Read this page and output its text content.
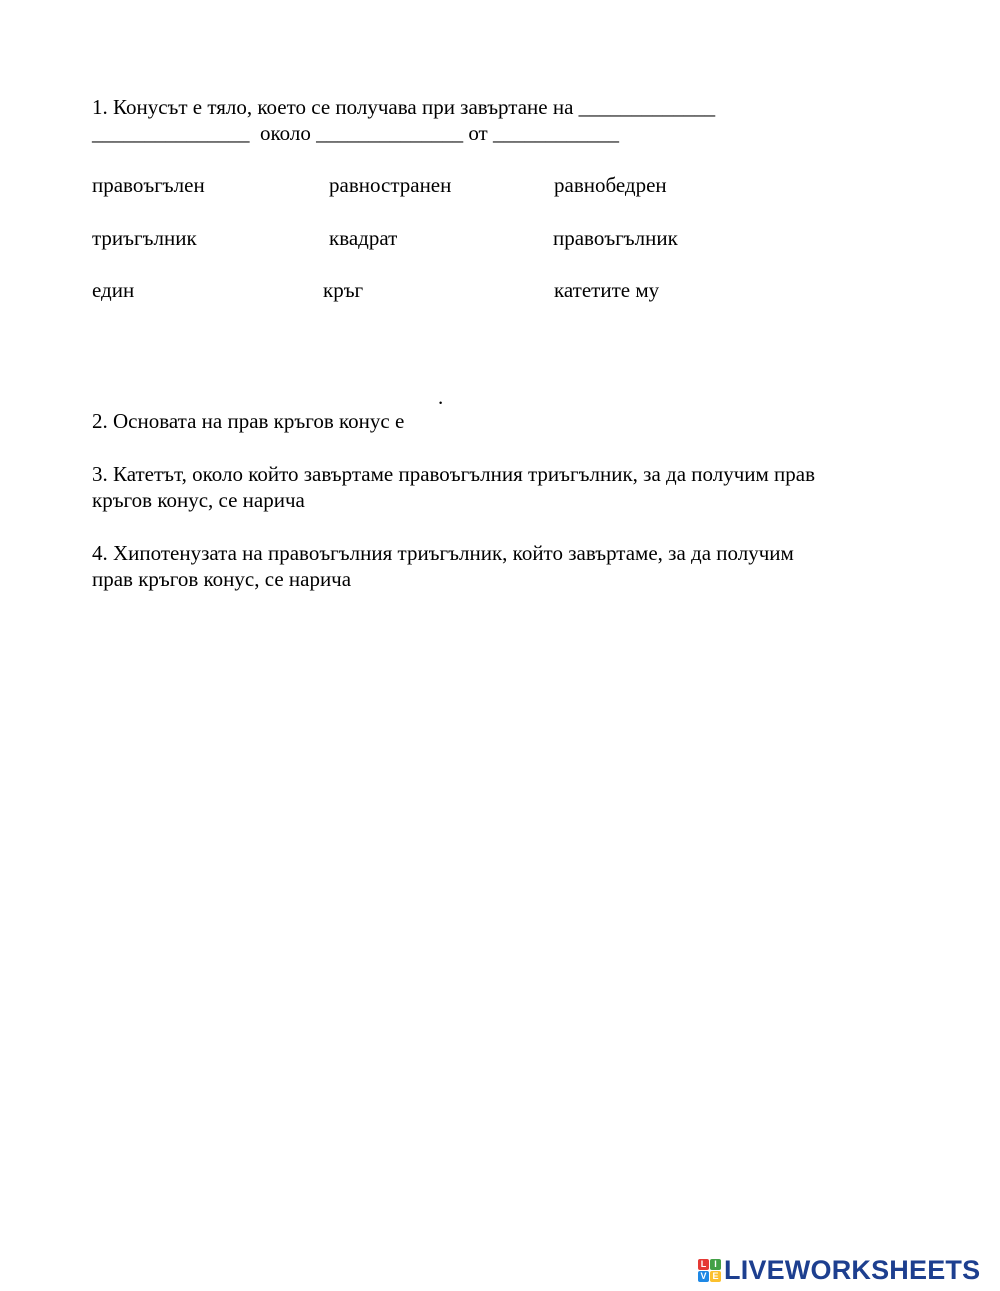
1. Конусът е тяло, което се получава при завъртане на _____________
_______________  около ______________ от ____________
правоъгълен	равностранен	равнобедрен
триъгълник	квадрат	правоъгълник
един	кръг	катетите му
.
2. Основата на прав кръгов конус е
3. Катетът, около който завъртаме правоъгълния триъгълник, за да получим прав
кръгов конус, се нарича
4. Хипотенузата на правоъгълния триъгълник, който завъртаме, за да получим
прав кръгов конус, се нарича
L I
V E LIVEWORKSHEETS
